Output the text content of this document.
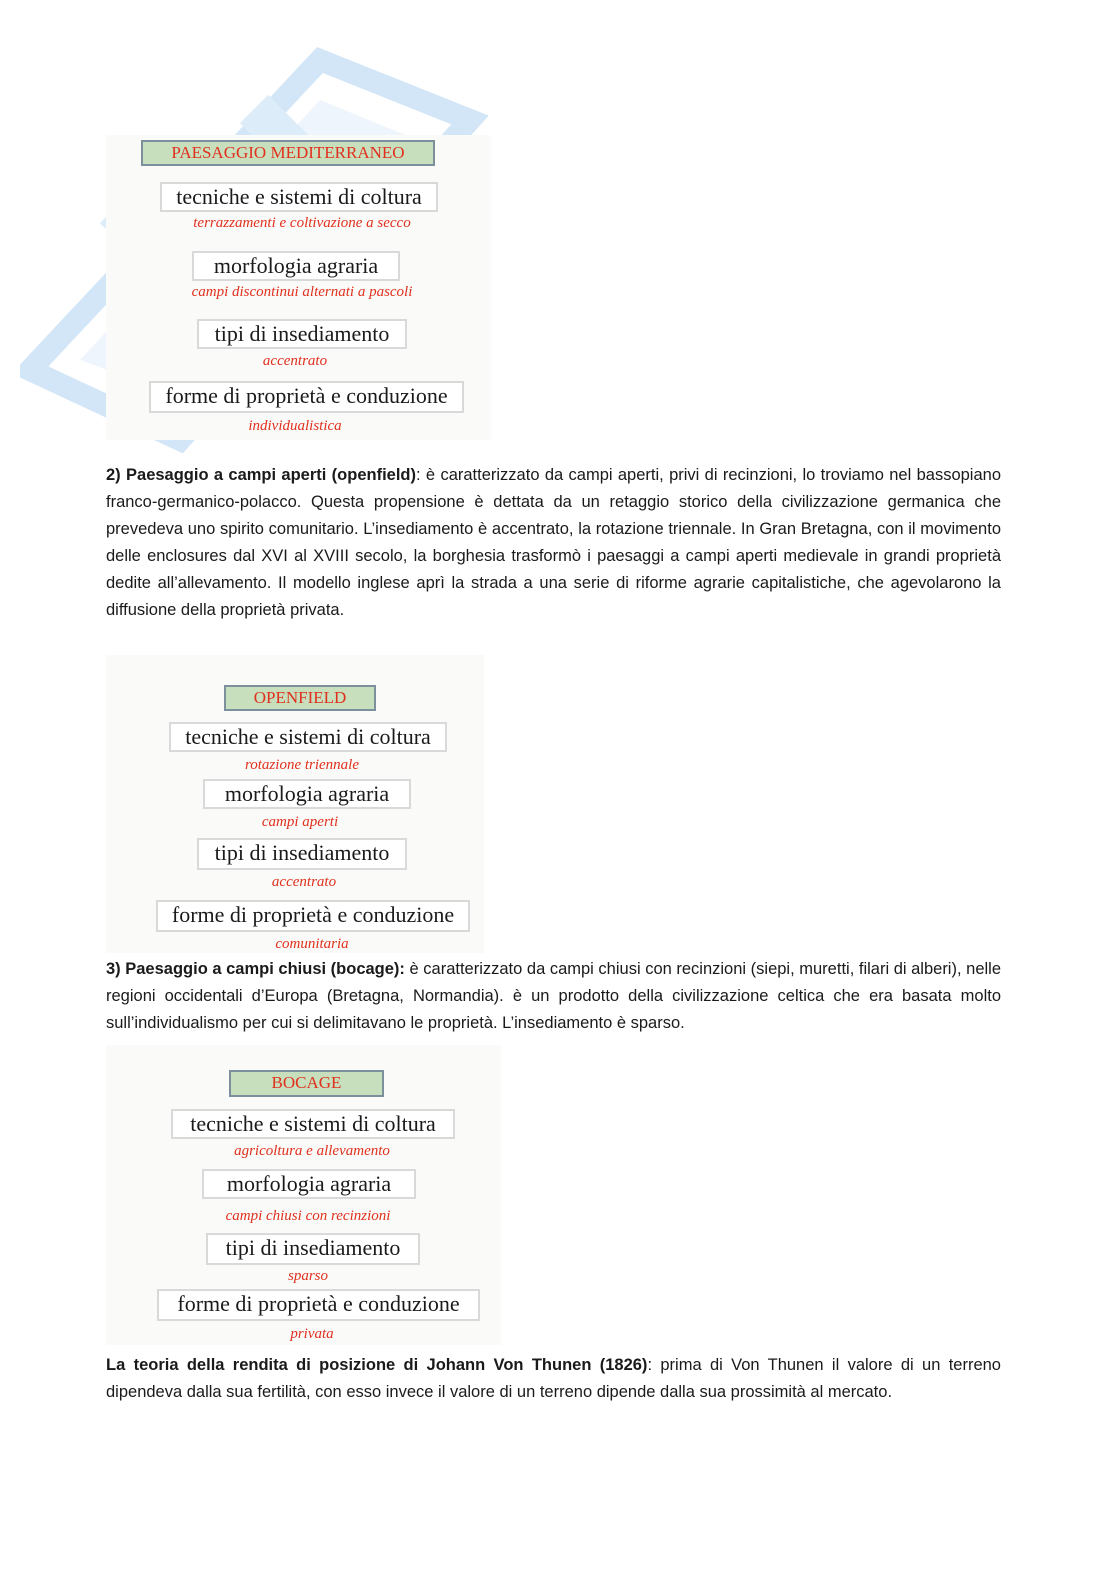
PAESAGGIO MEDITERRANEO
tecniche e sistemi di coltura
terrazzamenti e coltivazione a secco
morfologia agraria
campi discontinui alternati a pascoli
tipi di insediamento
accentrato
forme di proprietà e conduzione
individualistica
2) Paesaggio a campi aperti (openfield): è caratterizzato da campi aperti, privi di recinzioni, lo troviamo nel bassopiano franco-germanico-polacco. Questa propensione è dettata da un retaggio storico della civilizzazione germanica che prevedeva uno spirito comunitario. L’insediamento è accentrato, la rotazione triennale. In Gran Bretagna, con il movimento delle enclosures dal XVI al XVIII secolo, la borghesia trasformò i paesaggi a campi aperti medievale in grandi proprietà dedite all’allevamento. Il modello inglese aprì la strada a una serie di riforme agrarie capitalistiche, che agevolarono la diffusione della proprietà privata.
OPENFIELD
tecniche e sistemi di coltura
rotazione triennale
morfologia agraria
campi aperti
tipi di insediamento
accentrato
forme di proprietà e conduzione
comunitaria
3) Paesaggio a campi chiusi (bocage): è caratterizzato da campi chiusi con recinzioni (siepi, muretti, filari di alberi), nelle regioni occidentali d’Europa (Bretagna, Normandia). è un prodotto della civilizzazione celtica che era basata molto sull’individualismo per cui si delimitavano le proprietà. L’insediamento è sparso.
BOCAGE
tecniche e sistemi di coltura
agricoltura e allevamento
morfologia agraria
campi chiusi con recinzioni
tipi di insediamento
sparso
forme di proprietà e conduzione
privata
La teoria della rendita di posizione di Johann Von Thunen (1826): prima di Von Thunen il valore di un terreno dipendeva dalla sua fertilità, con esso invece il valore di un terreno dipende dalla sua prossimità al mercato.
